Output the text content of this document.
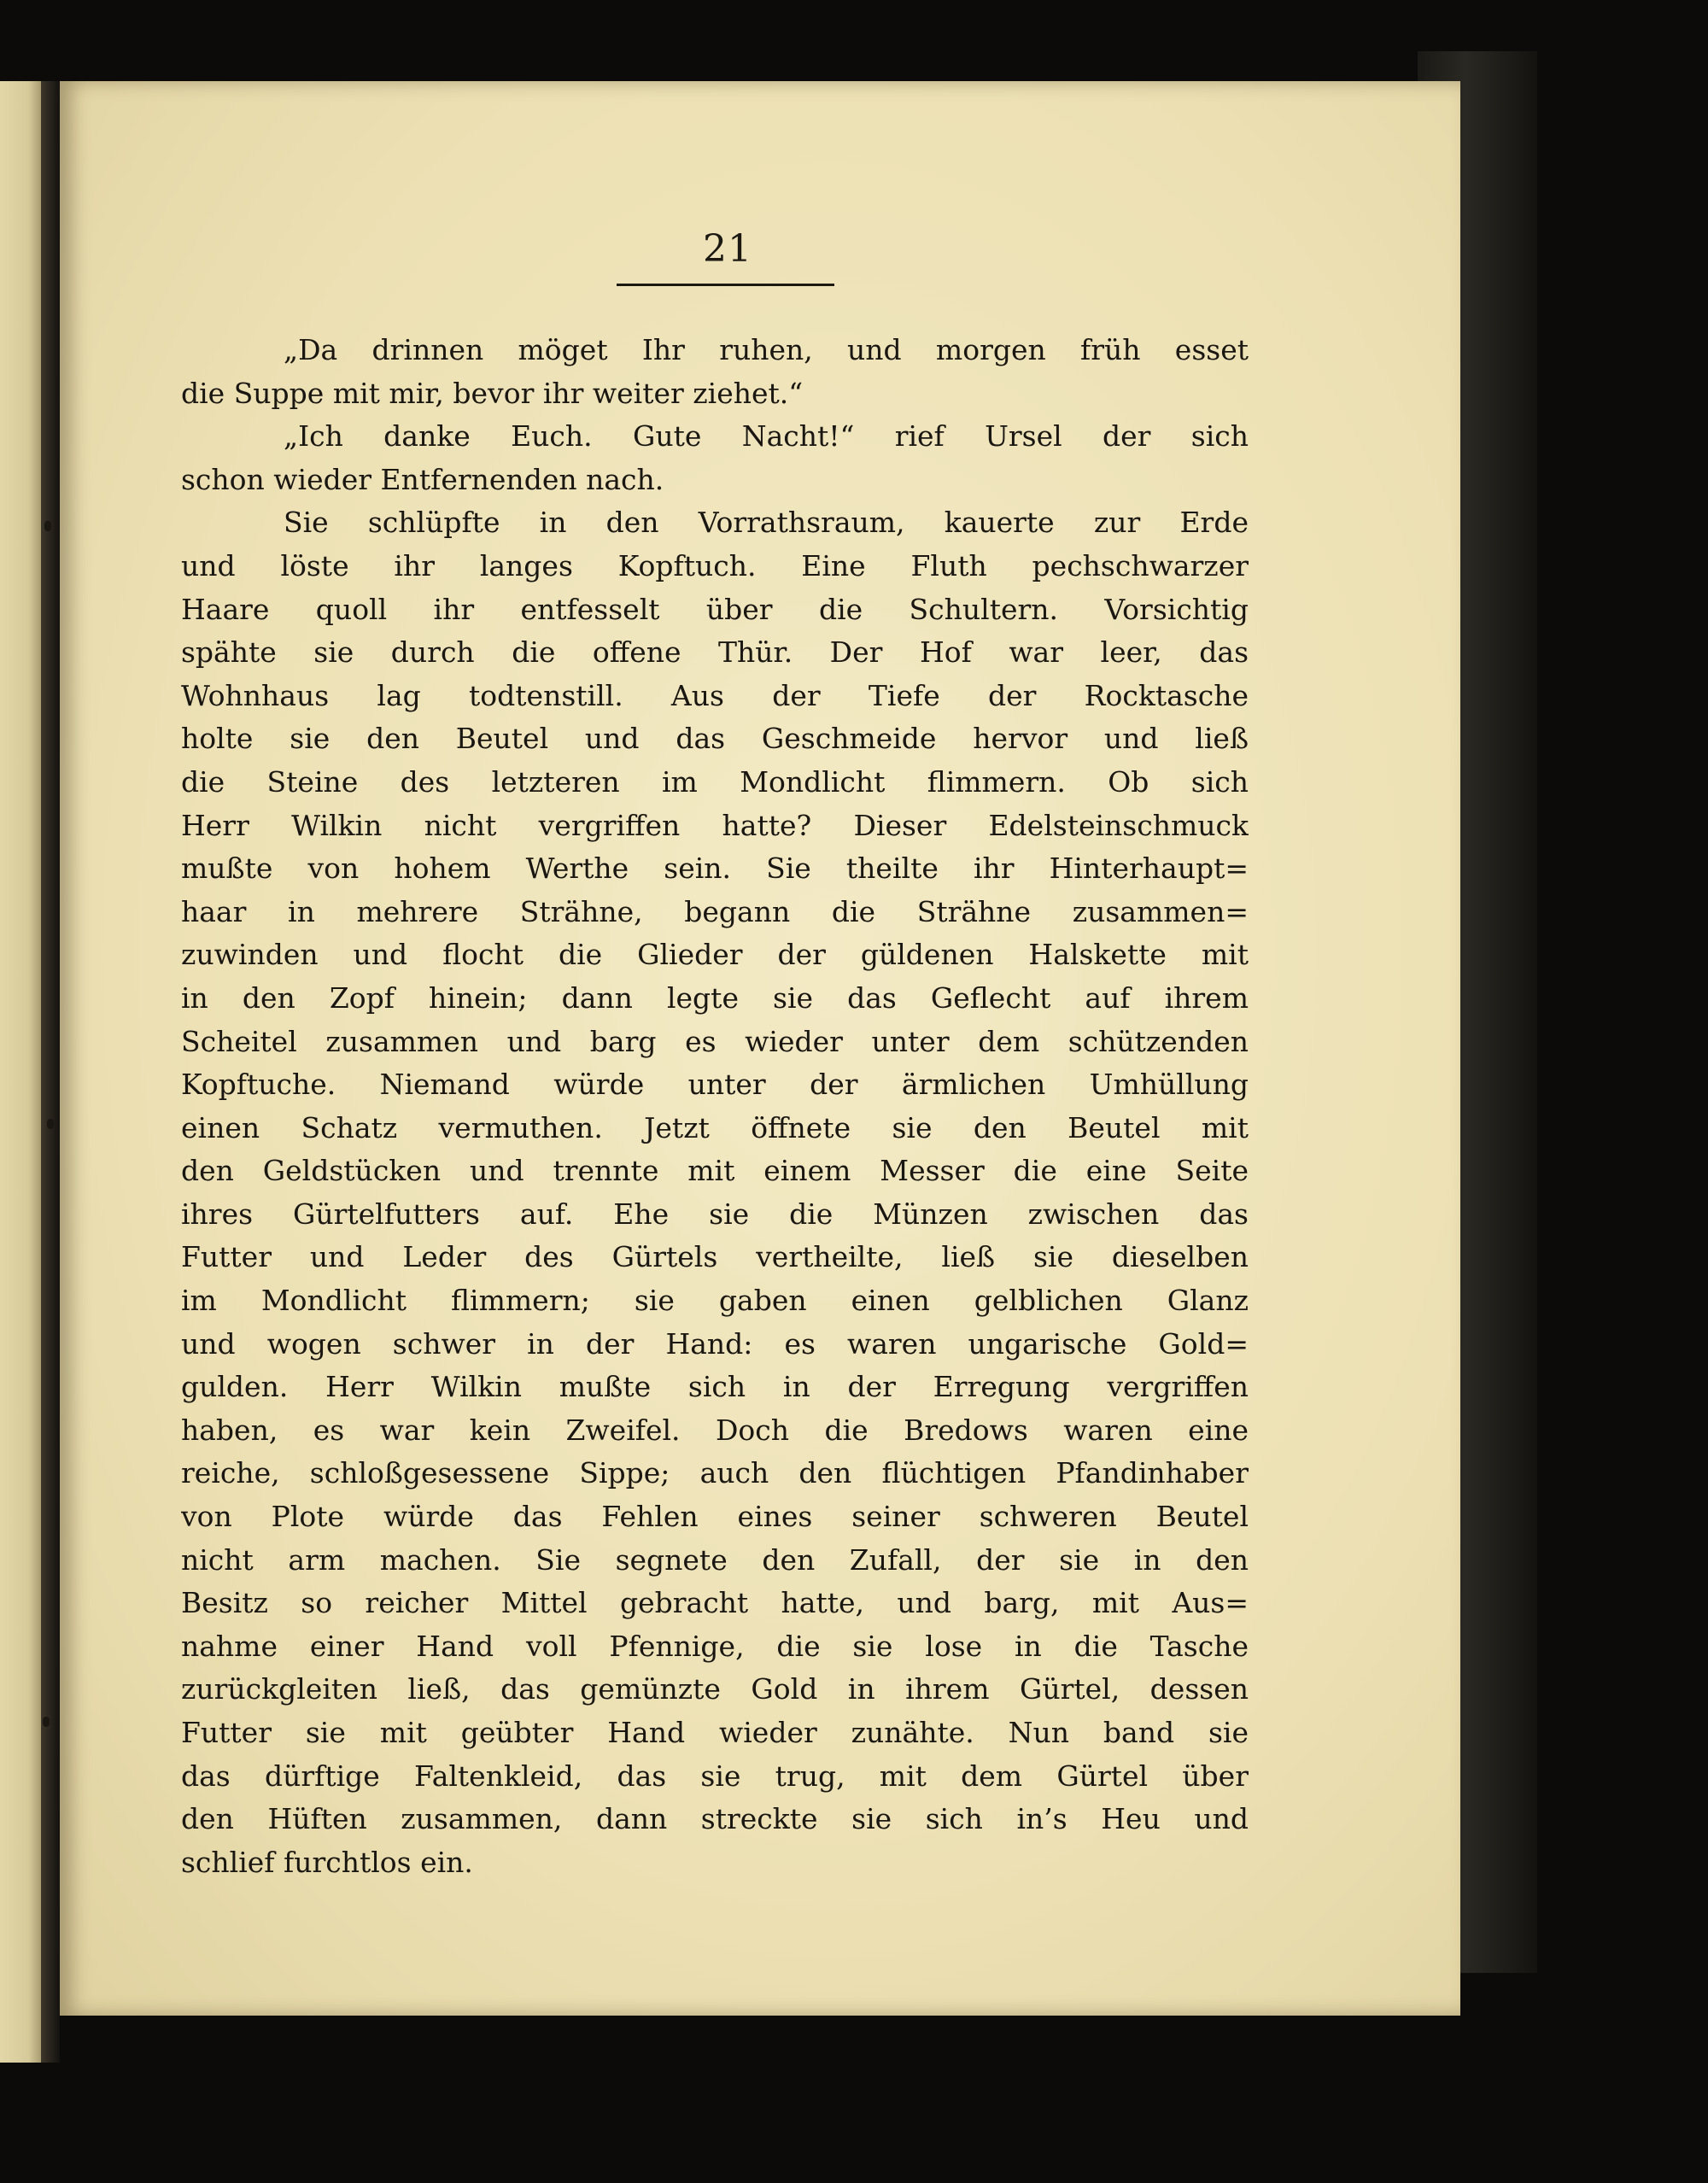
21
„Da drinnen möget Ihr ruhen, und morgen früh esset
die Suppe mit mir, bevor ihr weiter ziehet.“
„Ich danke Euch. Gute Nacht!“ rief Ursel der sich
schon wieder Entfernenden nach.
Sie schlüpfte in den Vorrathsraum, kauerte zur Erde
und löste ihr langes Kopftuch. Eine Fluth pechschwarzer
Haare quoll ihr entfesselt über die Schultern. Vorsichtig
spähte sie durch die offene Thür. Der Hof war leer, das
Wohnhaus lag todtenstill. Aus der Tiefe der Rocktasche
holte sie den Beutel und das Geschmeide hervor und ließ
die Steine des letzteren im Mondlicht flimmern. Ob sich
Herr Wilkin nicht vergriffen hatte? Dieser Edelsteinschmuck
mußte von hohem Werthe sein. Sie theilte ihr Hinterhaupt=
haar in mehrere Strähne, begann die Strähne zusammen=
zuwinden und flocht die Glieder der güldenen Halskette mit
in den Zopf hinein; dann legte sie das Geflecht auf ihrem
Scheitel zusammen und barg es wieder unter dem schützenden
Kopftuche. Niemand würde unter der ärmlichen Umhüllung
einen Schatz vermuthen. Jetzt öffnete sie den Beutel mit
den Geldstücken und trennte mit einem Messer die eine Seite
ihres Gürtelfutters auf. Ehe sie die Münzen zwischen das
Futter und Leder des Gürtels vertheilte, ließ sie dieselben
im Mondlicht flimmern; sie gaben einen gelblichen Glanz
und wogen schwer in der Hand: es waren ungarische Gold=
gulden. Herr Wilkin mußte sich in der Erregung vergriffen
haben, es war kein Zweifel. Doch die Bredows waren eine
reiche, schloßgesessene Sippe; auch den flüchtigen Pfandinhaber
von Plote würde das Fehlen eines seiner schweren Beutel
nicht arm machen. Sie segnete den Zufall, der sie in den
Besitz so reicher Mittel gebracht hatte, und barg, mit Aus=
nahme einer Hand voll Pfennige, die sie lose in die Tasche
zurückgleiten ließ, das gemünzte Gold in ihrem Gürtel, dessen
Futter sie mit geübter Hand wieder zunähte. Nun band sie
das dürftige Faltenkleid, das sie trug, mit dem Gürtel über
den Hüften zusammen, dann streckte sie sich in’s Heu und
schlief furchtlos ein.
